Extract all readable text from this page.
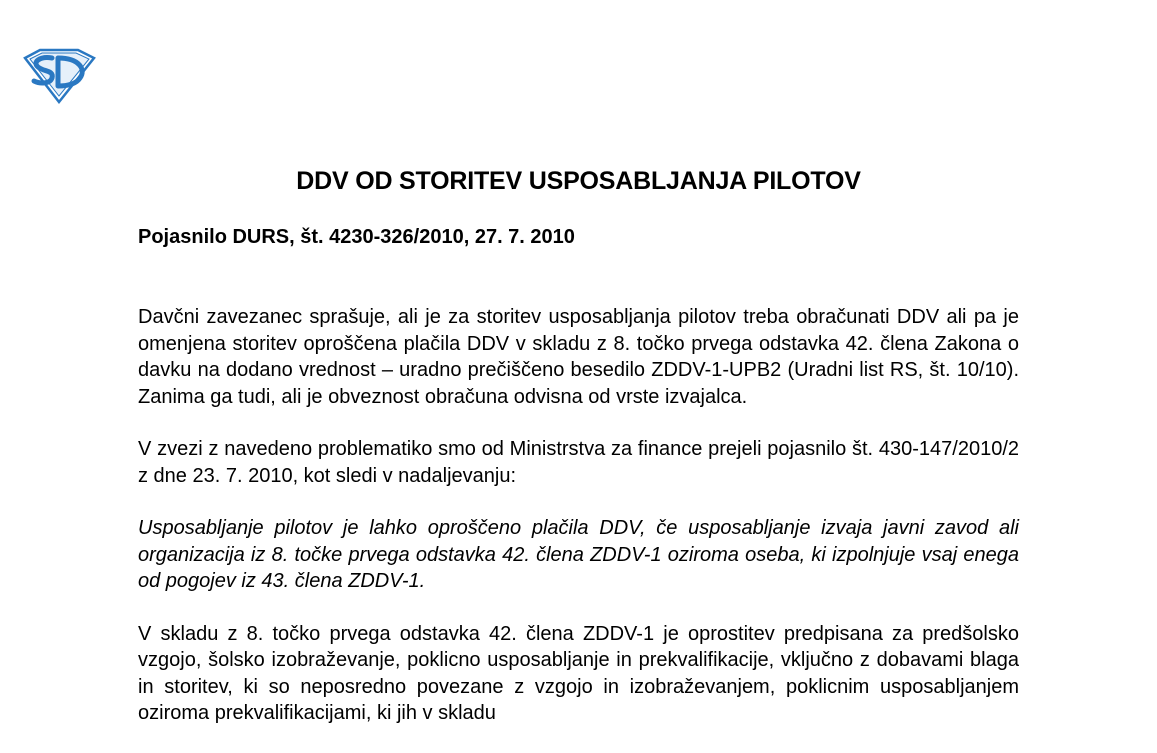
SD
DDV OD STORITEV USPOSABLJANJA PILOTOV
Pojasnilo DURS, št. 4230-326/2010, 27. 7. 2010

Davčni zavezanec sprašuje, ali je za storitev usposabljanja pilotov treba obračunati DDV ali pa je omenjena storitev oproščena plačila DDV v skladu z 8. točko prvega odstavka 42. člena Zakona o davku na dodano vrednost – uradno prečiščeno besedilo ZDDV-1-UPB2 (Uradni list RS, št. 10/10). Zanima ga tudi, ali je obveznost obračuna odvisna od vrste izvajalca.

V zvezi z navedeno problematiko smo od Ministrstva za finance prejeli pojasnilo št. 430-147/2010/2 z dne 23. 7. 2010, kot sledi v nadaljevanju:

Usposabljanje pilotov je lahko oproščeno plačila DDV, če usposabljanje izvaja javni zavod ali organizacija iz 8. točke prvega odstavka 42. člena ZDDV-1 oziroma oseba, ki izpolnjuje vsaj enega od pogojev iz 43. člena ZDDV-1.

V skladu z 8. točko prvega odstavka 42. člena ZDDV-1 je oprostitev predpisana za predšolsko vzgojo, šolsko izobraževanje, poklicno usposabljanje in prekvalifikacije, vključno z dobavami blaga in storitev, ki so neposredno povezane z vzgojo in izobraževanjem, poklicnim usposabljanjem oziroma prekvalifikacijami, ki jih v skladu
